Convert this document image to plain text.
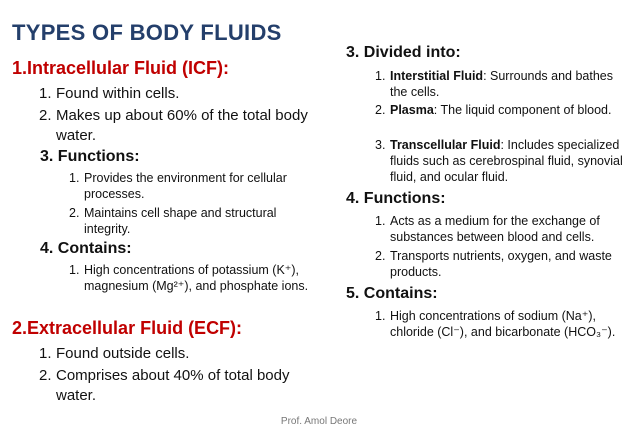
TYPES OF BODY FLUIDS
1.Intracellular Fluid (ICF):
1. Found within cells.
2. Makes up about 60% of the total body water.
3. Functions:
1. Provides the environment for cellular processes.
2. Maintains cell shape and structural integrity.
4. Contains:
1. High concentrations of potassium (K⁺), magnesium (Mg²⁺), and phosphate ions.
2.Extracellular Fluid (ECF):
1. Found outside cells.
2. Comprises about 40% of total body water.
3. Divided into:
1. Interstitial Fluid: Surrounds and bathes the cells.
2. Plasma: The liquid component of blood.
3. Transcellular Fluid: Includes specialized fluids such as cerebrospinal fluid, synovial fluid, and ocular fluid.
4. Functions:
1. Acts as a medium for the exchange of substances between blood and cells.
2. Transports nutrients, oxygen, and waste products.
5. Contains:
1. High concentrations of sodium (Na⁺), chloride (Cl⁻), and bicarbonate (HCO₃⁻).
Prof. Amol Deore
